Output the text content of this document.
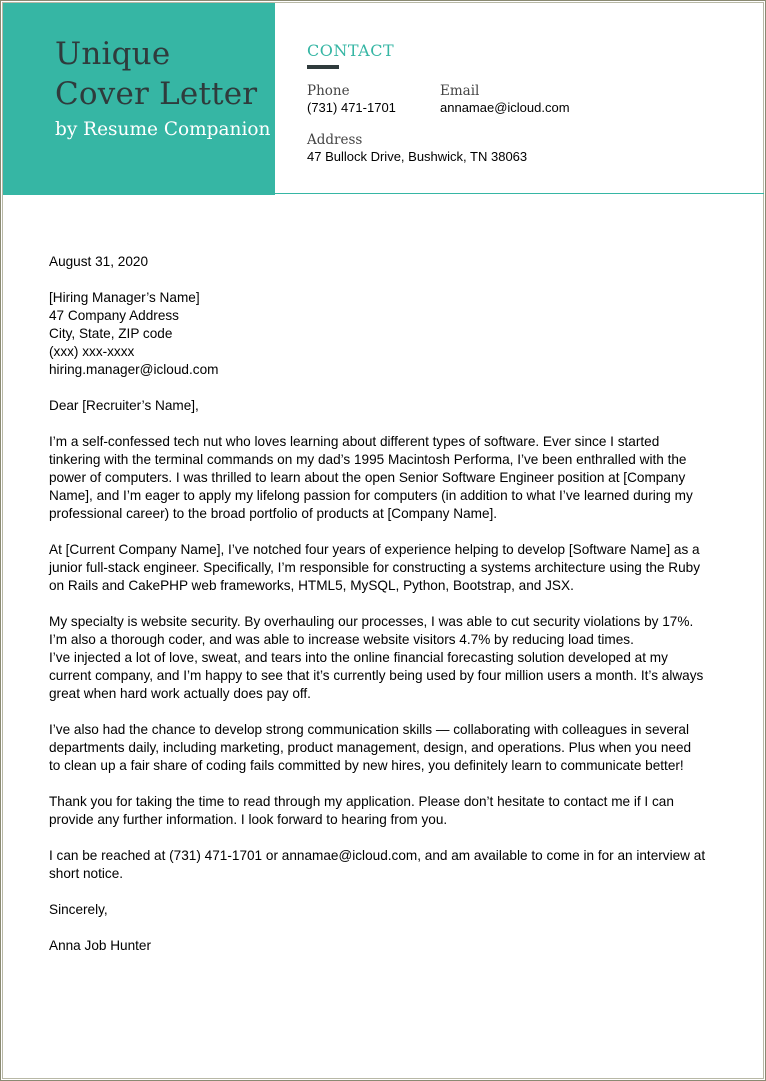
Unique
Cover Letter
by Resume Companion
CONTACT
Phone
(731) 471-1701
Email
annamae@icloud.com
Address
47 Bullock Drive, Bushwick, TN 38063

August 31, 2020

[Hiring Manager’s Name]
47 Company Address
City, State, ZIP code
(xxx) xxx-xxxx
hiring.manager@icloud.com

Dear [Recruiter’s Name],

I’m a self-confessed tech nut who loves learning about different types of software. Ever since I started
tinkering with the terminal commands on my dad’s 1995 Macintosh Performa, I’ve been enthralled with the
power of computers. I was thrilled to learn about the open Senior Software Engineer position at [Company
Name], and I’m eager to apply my lifelong passion for computers (in addition to what I’ve learned during my
professional career) to the broad portfolio of products at [Company Name].

At [Current Company Name], I’ve notched four years of experience helping to develop [Software Name] as a
junior full-stack engineer. Specifically, I’m responsible for constructing a systems architecture using the Ruby
on Rails and CakePHP web frameworks, HTML5, MySQL, Python, Bootstrap, and JSX.

My specialty is website security. By overhauling our processes, I was able to cut security violations by 17%.
I’m also a thorough coder, and was able to increase website visitors 4.7% by reducing load times.
I’ve injected a lot of love, sweat, and tears into the online financial forecasting solution developed at my
current company, and I’m happy to see that it’s currently being used by four million users a month. It’s always
great when hard work actually does pay off.

I’ve also had the chance to develop strong communication skills — collaborating with colleagues in several
departments daily, including marketing, product management, design, and operations. Plus when you need
to clean up a fair share of coding fails committed by new hires, you definitely learn to communicate better!

Thank you for taking the time to read through my application. Please don’t hesitate to contact me if I can
provide any further information. I look forward to hearing from you.

I can be reached at (731) 471-1701 or annamae@icloud.com, and am available to come in for an interview at
short notice.

Sincerely,

Anna Job Hunter
